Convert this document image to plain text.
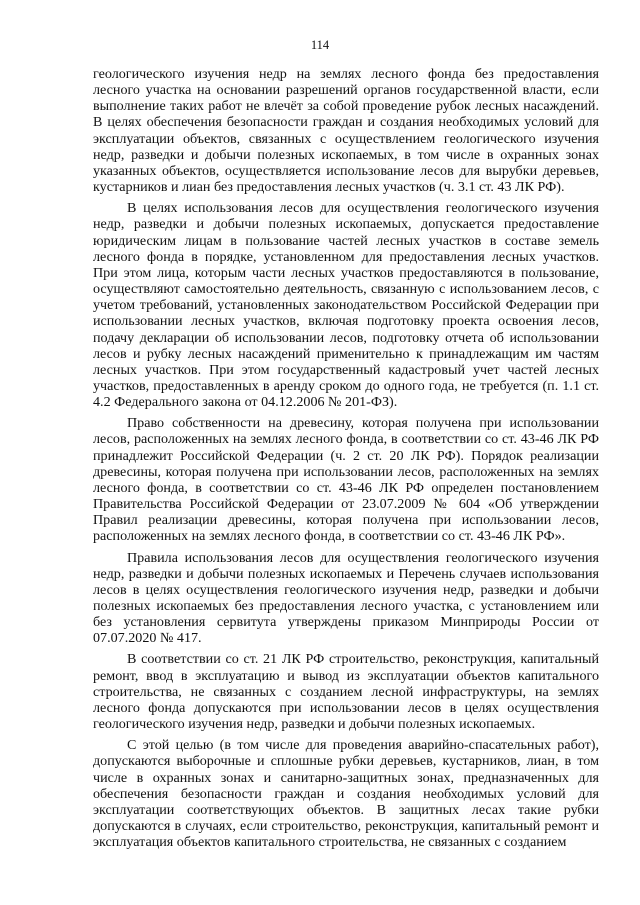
114

геологического изучения недр на землях лесного фонда без предоставления лесного участка на основании разрешений органов государственной власти, если выполнение таких работ не влечёт за собой проведение рубок лесных насаждений. В целях обеспечения безопасности граждан и создания необходимых условий для эксплуатации объектов, связанных с осуществлением геологического изучения недр, разведки и добычи полезных ископаемых, в том числе в охранных зонах указанных объектов, осуществляется использование лесов для вырубки деревьев, кустарников и лиан без предоставления лесных участков (ч. 3.1 ст. 43 ЛК РФ).

В целях использования лесов для осуществления геологического изучения недр, разведки и добычи полезных ископаемых, допускается предоставление юридическим лицам в пользование частей лесных участков в составе земель лесного фонда в порядке, установленном для предоставления лесных участков. При этом лица, которым части лесных участков предоставляются в пользование, осуществляют самостоятельно деятельность, связанную с использованием лесов, с учетом требований, установленных законодательством Российской Федерации при использовании лесных участков, включая подготовку проекта освоения лесов, подачу декларации об использовании лесов, подготовку отчета об использовании лесов и рубку лесных насаждений применительно к принадлежащим им частям лесных участков. При этом государственный кадастровый учет частей лесных участков, предоставленных в аренду сроком до одного года, не требуется (п. 1.1 ст. 4.2 Федерального закона от 04.12.2006 № 201-ФЗ).

Право собственности на древесину, которая получена при использовании лесов, расположенных на землях лесного фонда, в соответствии со ст. 43-46 ЛК РФ принадлежит Российской Федерации (ч. 2 ст. 20 ЛК РФ). Порядок реализации древесины, которая получена при использовании лесов, расположенных на землях лесного фонда, в соответствии со ст. 43-46 ЛК РФ определен постановлением Правительства Российской Федерации от 23.07.2009 № 604 «Об утверждении Правил реализации древесины, которая получена при использовании лесов, расположенных на землях лесного фонда, в соответствии со ст. 43-46 ЛК РФ».

Правила использования лесов для осуществления геологического изучения недр, разведки и добычи полезных ископаемых и Перечень случаев использования лесов в целях осуществления геологического изучения недр, разведки и добычи полезных ископаемых без предоставления лесного участка, с установлением или без установления сервитута утверждены приказом Минприроды России от 07.07.2020 № 417.

В соответствии со ст. 21 ЛК РФ строительство, реконструкция, капитальный ремонт, ввод в эксплуатацию и вывод из эксплуатации объектов капитального строительства, не связанных с созданием лесной инфраструктуры, на землях лесного фонда допускаются при использовании лесов в целях осуществления геологического изучения недр, разведки и добычи полезных ископаемых.

С этой целью (в том числе для проведения аварийно-спасательных работ), допускаются выборочные и сплошные рубки деревьев, кустарников, лиан, в том числе в охранных зонах и санитарно-защитных зонах, предназначенных для обеспечения безопасности граждан и создания необходимых условий для эксплуатации соответствующих объектов. В защитных лесах такие рубки допускаются в случаях, если строительство, реконструкция, капитальный ремонт и эксплуатация объектов капитального строительства, не связанных с созданием
